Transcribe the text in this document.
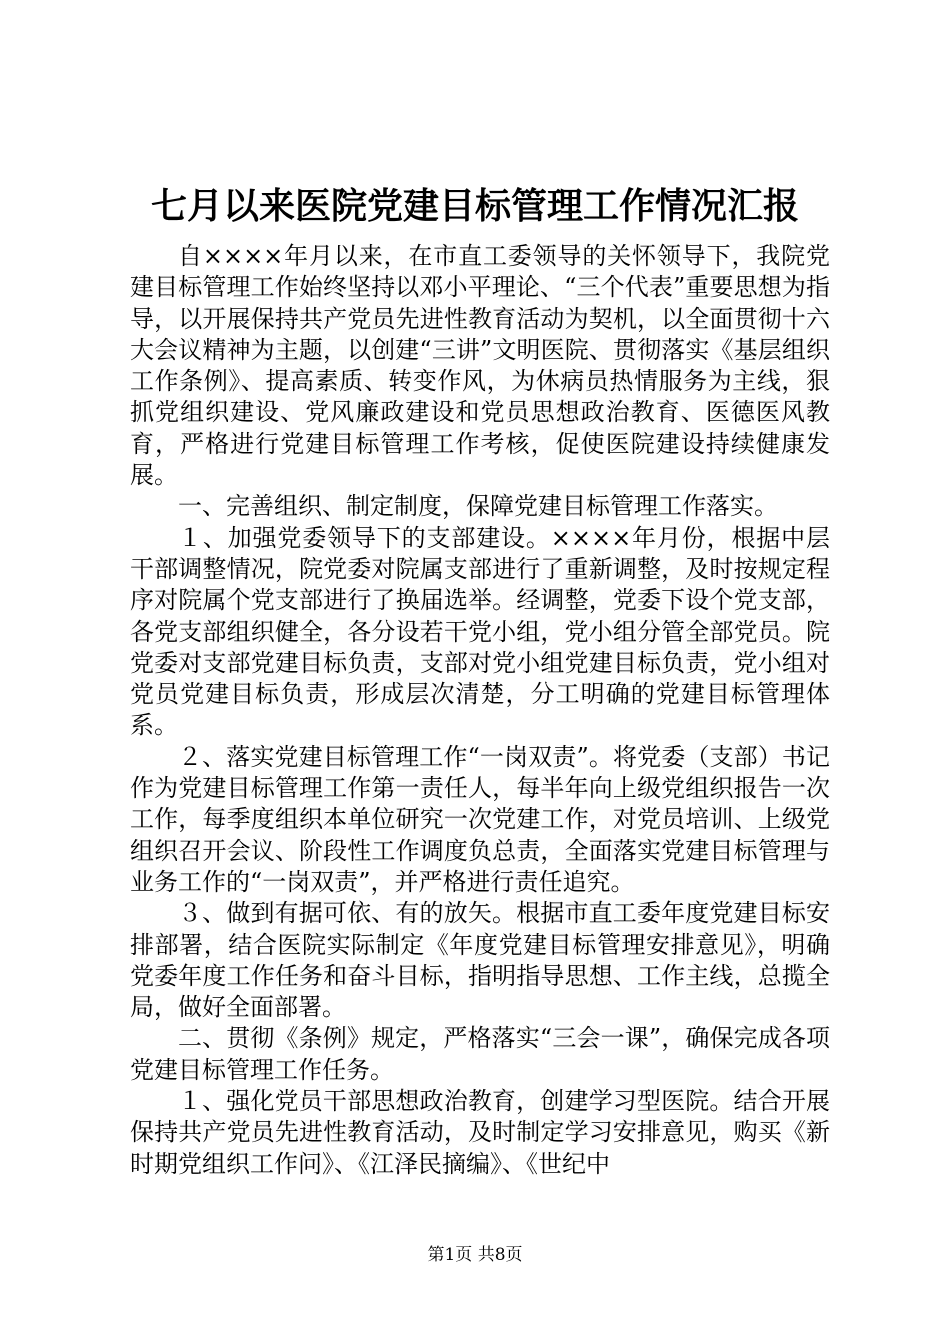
七月以来医院党建目标管理工作情况汇报

自××××年月以来，在市直工委领导的关怀领导下，我院党建目标管理工作始终坚持以邓小平理论、“三个代表”重要思想为指导，以开展保持共产党员先进性教育活动为契机，以全面贯彻十六大会议精神为主题，以创建“三讲”文明医院、贯彻落实《基层组织工作条例》、提高素质、转变作风，为休病员热情服务为主线，狠抓党组织建设、党风廉政建设和党员思想政治教育、医德医风教育，严格进行党建目标管理工作考核，促使医院建设持续健康发展。

一、完善组织、制定制度，保障党建目标管理工作落实。

１、加强党委领导下的支部建设。××××年月份，根据中层干部调整情况，院党委对院属支部进行了重新调整，及时按规定程序对院属个党支部进行了换届选举。经调整，党委下设个党支部，各党支部组织健全，各分设若干党小组，党小组分管全部党员。院党委对支部党建目标负责，支部对党小组党建目标负责，党小组对党员党建目标负责，形成层次清楚，分工明确的党建目标管理体系。

２、落实党建目标管理工作“一岗双责”。将党委（支部）书记作为党建目标管理工作第一责任人，每半年向上级党组织报告一次工作，每季度组织本单位研究一次党建工作，对党员培训、上级党组织召开会议、阶段性工作调度负总责，全面落实党建目标管理与业务工作的“一岗双责”，并严格进行责任追究。

３、做到有据可依、有的放矢。根据市直工委年度党建目标安排部署，结合医院实际制定《年度党建目标管理安排意见》，明确党委年度工作任务和奋斗目标，指明指导思想、工作主线，总揽全局，做好全面部署。

二、贯彻《条例》规定，严格落实“三会一课”，确保完成各项党建目标管理工作任务。

１、强化党员干部思想政治教育，创建学习型医院。结合开展保持共产党员先进性教育活动，及时制定学习安排意见，购买《新时期党组织工作问》、《江泽民摘编》、《世纪中

第1页 共8页
